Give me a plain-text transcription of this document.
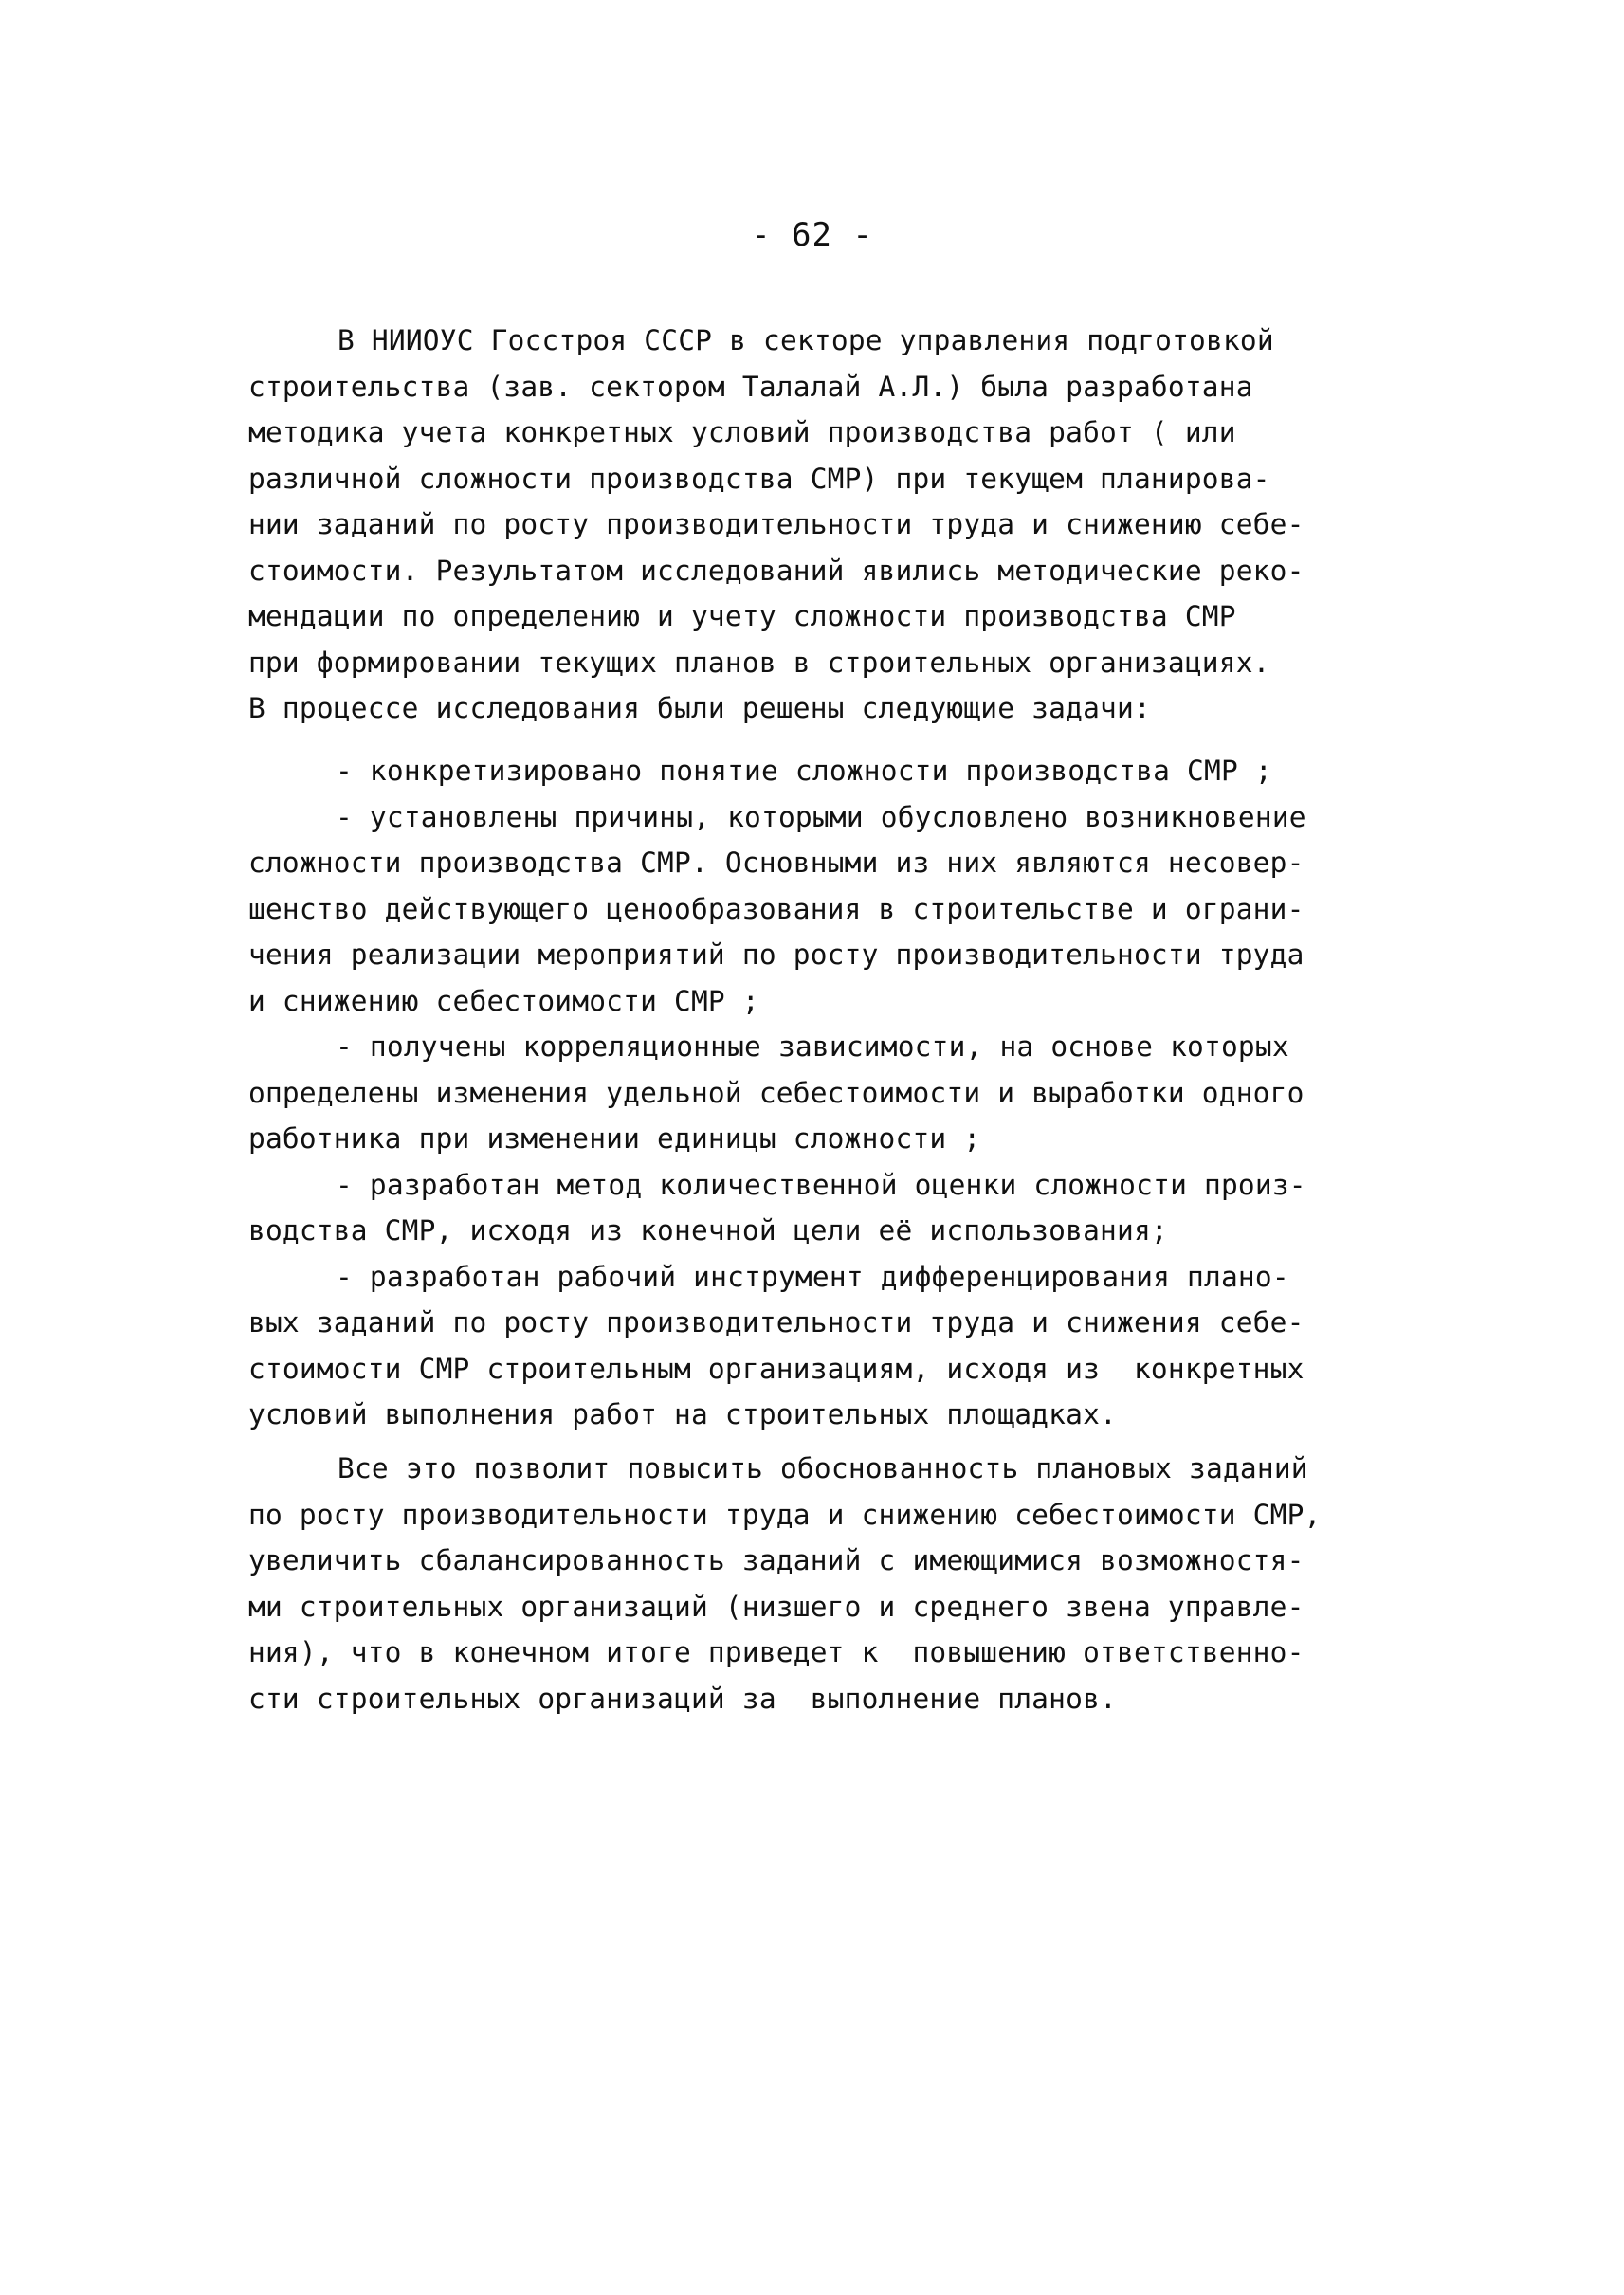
- 62 -
В НИИОУС Госстроя СССР в секторе управления подготовкой
строительства (зав. сектором Талалай А.Л.) была разработана
методика учета конкретных условий производства работ ( или
различной сложности производства СМР) при текущем планирова-
нии заданий по росту производительности труда и снижению себе-
стоимости. Результатом исследований явились методические реко-
мендации по определению и учету сложности производства СМР
при формировании текущих планов в строительных организациях.
В процессе исследования были решены следующие задачи:
- конкретизировано понятие сложности производства СМР ;
- установлены причины, которыми обусловлено возникновение
сложности производства СМР. Основными из них являются несовер-
шенство действующего ценообразования в строительстве и ограни-
чения реализации мероприятий по росту производительности труда
и снижению себестоимости СМР ;
- получены корреляционные зависимости, на основе которых
определены изменения удельной себестоимости и выработки одного
работника при изменении единицы сложности ;
- разработан метод количественной оценки сложности произ-
водства СМР, исходя из конечной цели её использования;
- разработан рабочий инструмент дифференцирования плано-
вых заданий по росту производительности труда и снижения себе-
стоимости СМР строительным организациям, исходя из  конкретных
условий выполнения работ на строительных площадках.
Все это позволит повысить обоснованность плановых заданий
по росту производительности труда и снижению себестоимости СМР,
увеличить сбалансированность заданий с имеющимися возможностя-
ми строительных организаций (низшего и среднего звена управле-
ния), что в конечном итоге приведет к  повышению ответственно-
сти строительных организаций за  выполнение планов.
